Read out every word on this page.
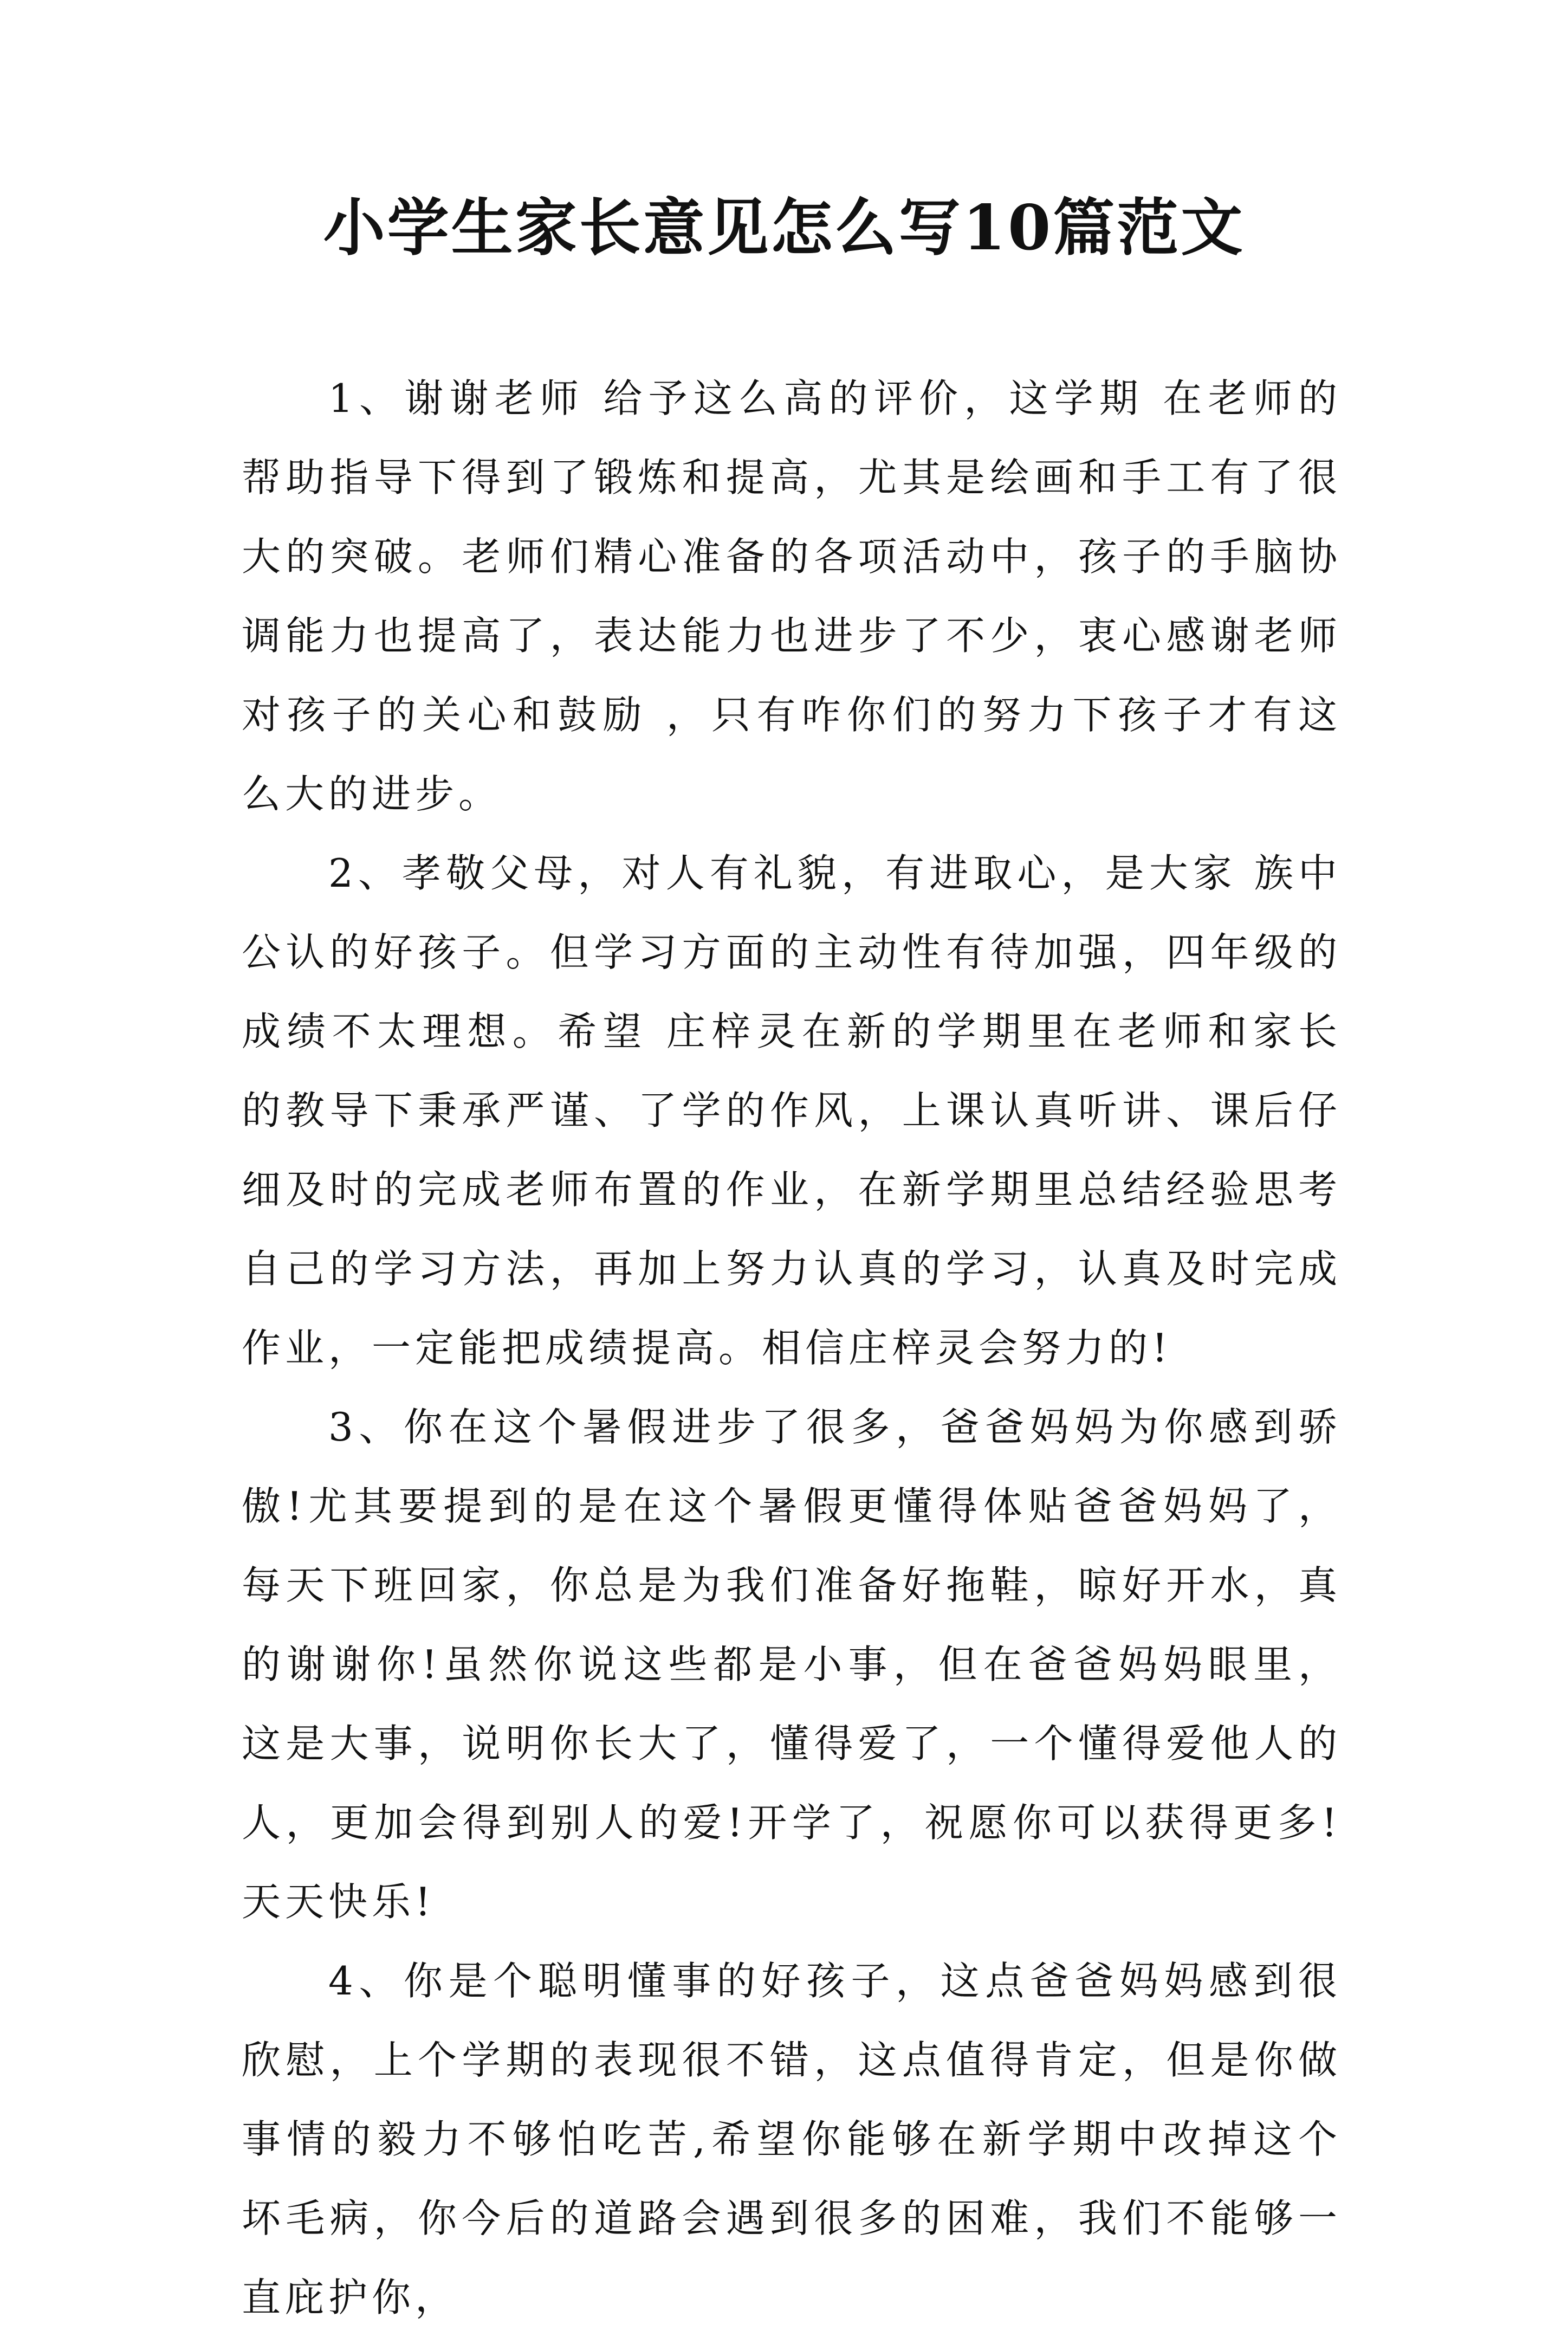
小学生家长意见怎么写10篇范文

1、谢谢老师 给予这么高的评价，这学期 在老师的帮助指导下得到了锻炼和提高，尤其是绘画和手工有了很大的突破。老师们精心准备的各项活动中，孩子的手脑协调能力也提高了，表达能力也进步了不少，衷心感谢老师对孩子的关心和鼓励 ，只有咋你们的努力下孩子才有这么大的进步。

2、孝敬父母，对人有礼貌，有进取心，是大家 族中公认的好孩子。但学习方面的主动性有待加强，四年级的成绩不太理想。希望 庄梓灵在新的学期里在老师和家长的教导下秉承严谨、了学的作风，上课认真听讲、课后仔细及时的完成老师布置的作业，在新学期里总结经验思考 自己的学习方法，再加上努力认真的学习，认真及时完成作业，一定能把成绩提高。相信庄梓灵会努力的!

3、你在这个暑假进步了很多，爸爸妈妈为你感到骄傲!尤其要提到的是在这个暑假更懂得体贴爸爸妈妈了，每天下班回家，你总是为我们准备好拖鞋，晾好开水，真的谢谢你!虽然你说这些都是小事，但在爸爸妈妈眼里，这是大事，说明你长大了，懂得爱了，一个懂得爱他人的人，更加会得到别人的爱!开学了，祝愿你可以获得更多!天天快乐!

4、你是个聪明懂事的好孩子，这点爸爸妈妈感到很欣慰，上个学期的表现很不错，这点值得肯定，但是你做事情的毅力不够怕吃苦,希望你能够在新学期中改掉这个坏毛病，你今后的道路会遇到很多的困难，我们不能够一直庇护你，
